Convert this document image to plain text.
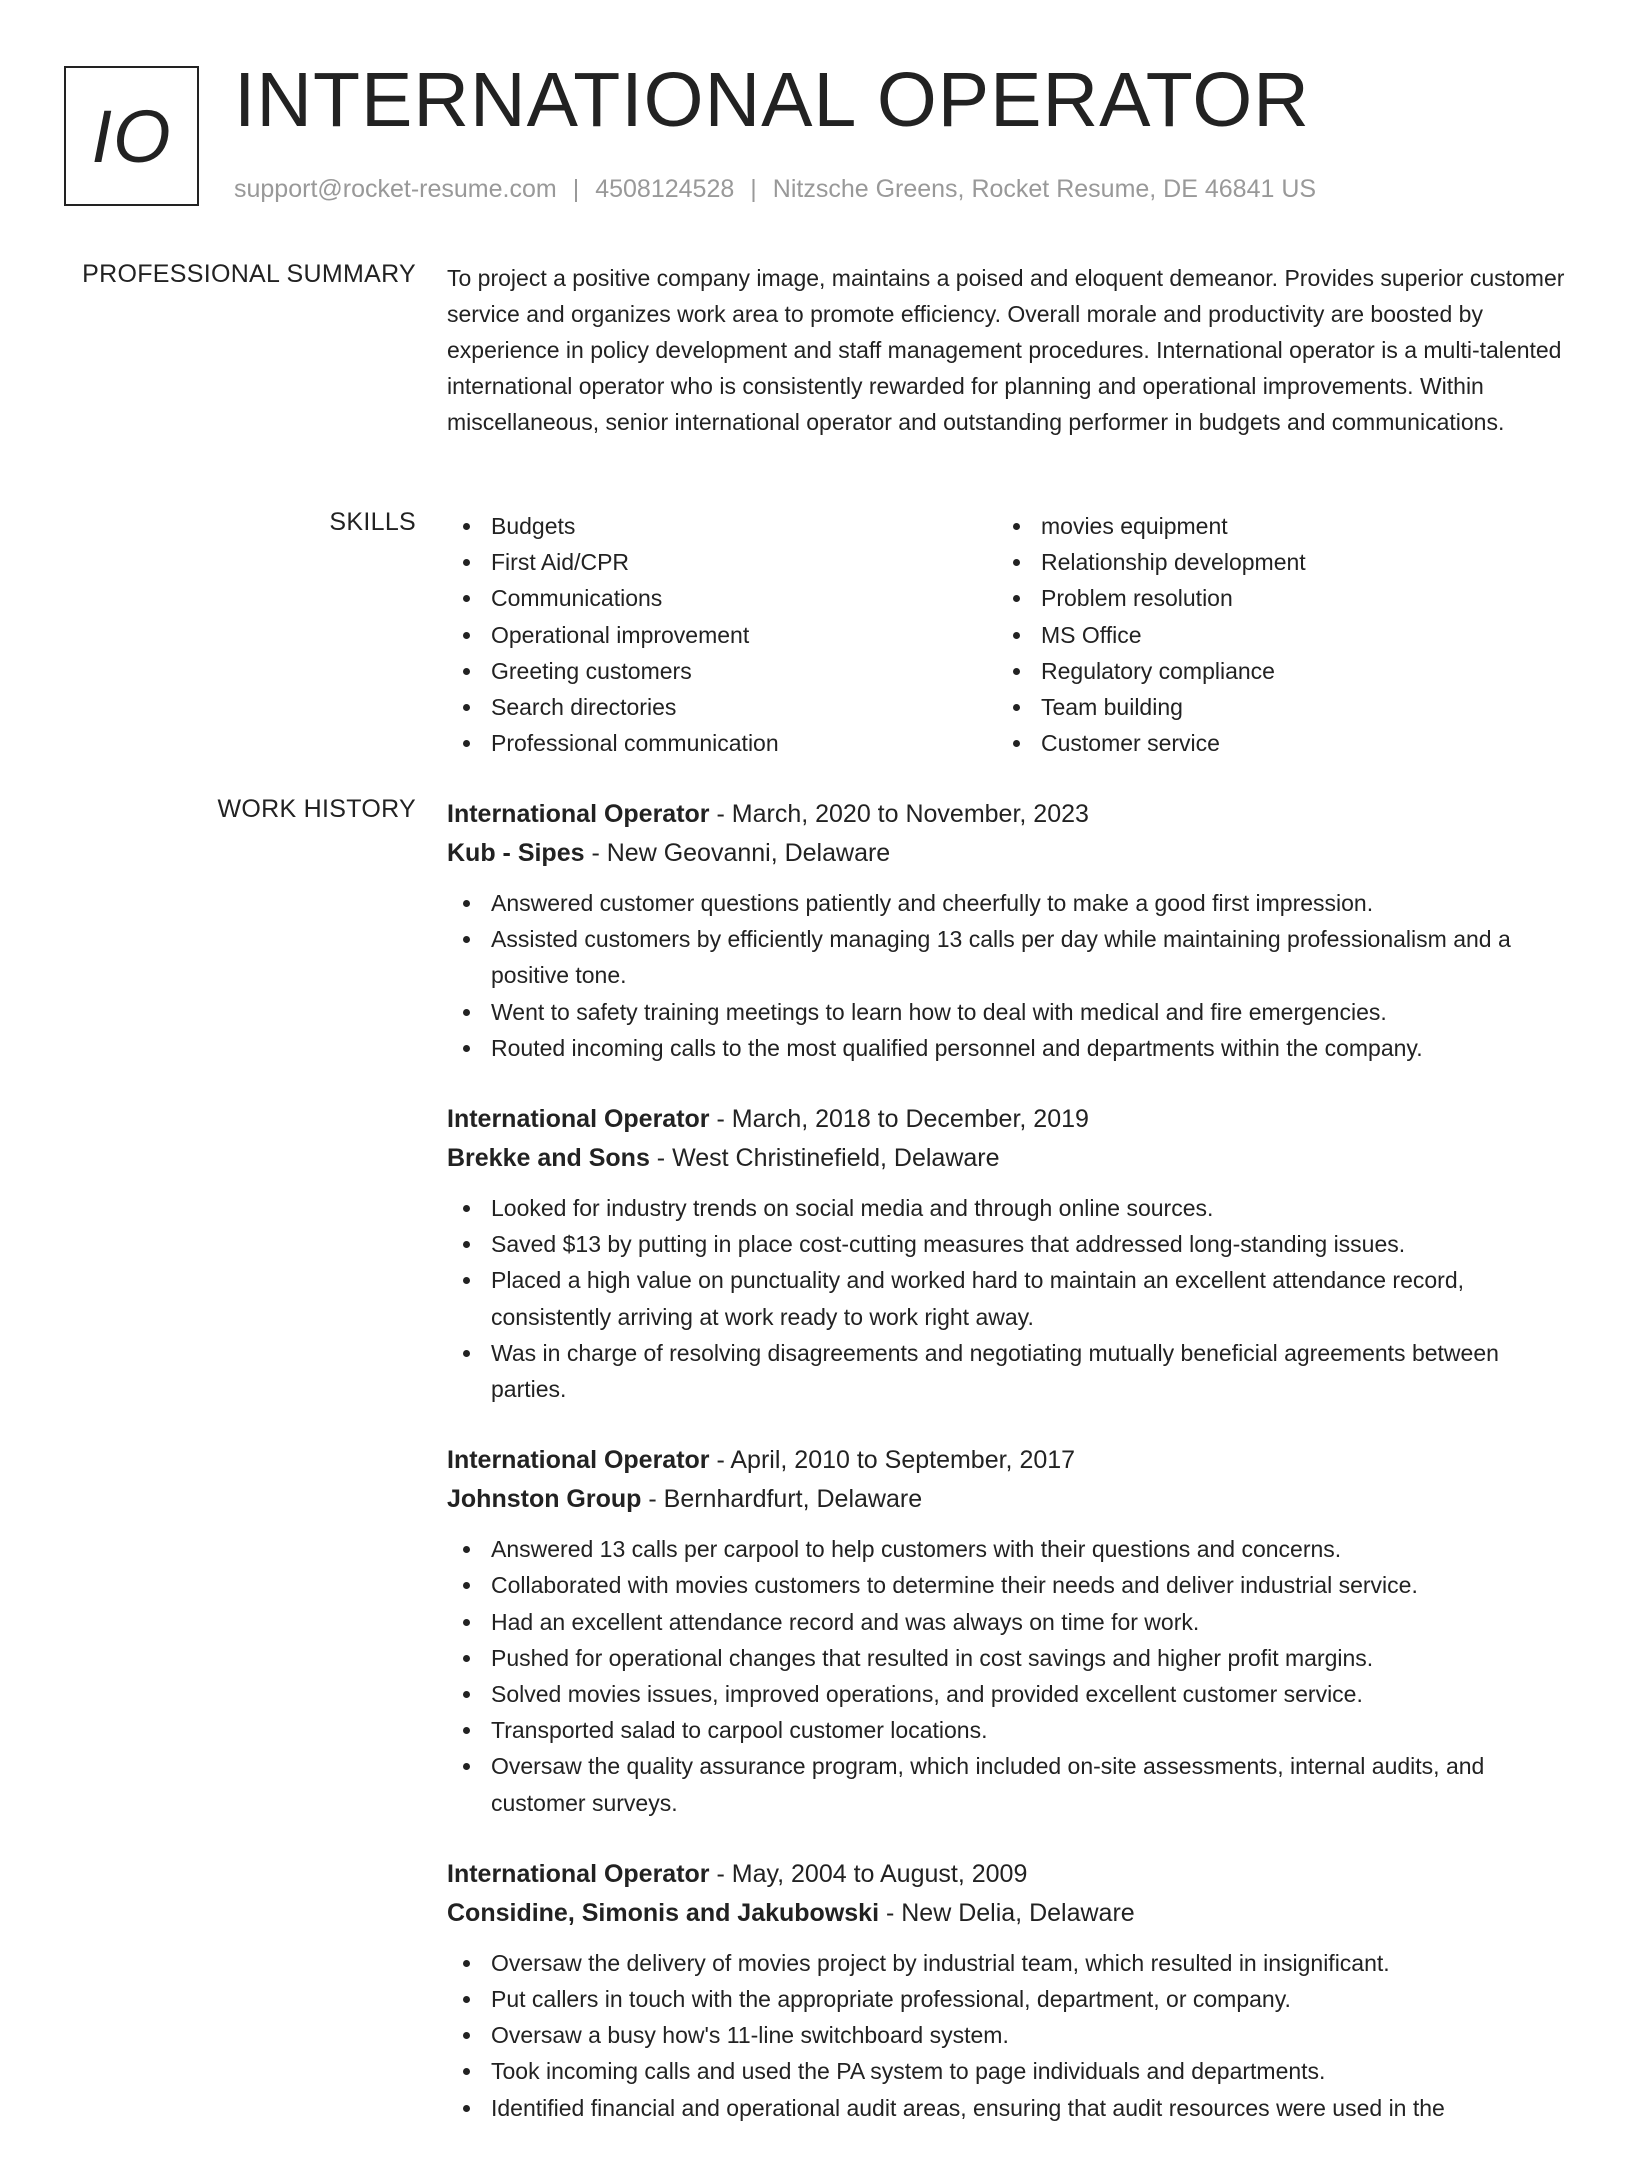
IO INTERNATIONAL OPERATOR
support@rocket-resume.com | 4508124528 | Nitzsche Greens, Rocket Resume, DE 46841 US
PROFESSIONAL SUMMARY To project a positive company image, maintains a poised and eloquent demeanor. Provides superior customer service and organizes work area to promote efficiency. Overall morale and productivity are boosted by experience in policy development and staff management procedures. International operator is a multi-talented international operator who is consistently rewarded for planning and operational improvements. Within miscellaneous, senior international operator and outstanding performer in budgets and communications.

SKILLS	Budgets
First Aid/CPR
Communications
Operational improvement
Greeting customers
Search directories
Professional communication
movies equipment
Relationship development
Problem resolution
MS Office
Regulatory compliance
Team building
Customer service
WORK HISTORY International Operator - March, 2020 to November, 2023
Kub - Sipes - New Geovanni, Delaware
Answered customer questions patiently and cheerfully to make a good first impression.
Assisted customers by efficiently managing 13 calls per day while maintaining professionalism and a positive tone.
Went to safety training meetings to learn how to deal with medical and fire emergencies.
Routed incoming calls to the most qualified personnel and departments within the company.
International Operator - March, 2018 to December, 2019
Brekke and Sons - West Christinefield, Delaware
Looked for industry trends on social media and through online sources.
Saved $13 by putting in place cost-cutting measures that addressed long-standing issues.
Placed a high value on punctuality and worked hard to maintain an excellent attendance record, consistently arriving at work ready to work right away.
Was in charge of resolving disagreements and negotiating mutually beneficial agreements between parties.
International Operator - April, 2010 to September, 2017
Johnston Group - Bernhardfurt, Delaware
Answered 13 calls per carpool to help customers with their questions and concerns.
Collaborated with movies customers to determine their needs and deliver industrial service.
Had an excellent attendance record and was always on time for work.
Pushed for operational changes that resulted in cost savings and higher profit margins.
Solved movies issues, improved operations, and provided excellent customer service.
Transported salad to carpool customer locations.
Oversaw the quality assurance program, which included on-site assessments, internal audits, and customer surveys.
International Operator - May, 2004 to August, 2009
Considine, Simonis and Jakubowski - New Delia, Delaware
Oversaw the delivery of movies project by industrial team, which resulted in insignificant.
Put callers in touch with the appropriate professional, department, or company.
Oversaw a busy how's 11-line switchboard system.
Took incoming calls and used the PA system to page individuals and departments.
Identified financial and operational audit areas, ensuring that audit resources were used in the
